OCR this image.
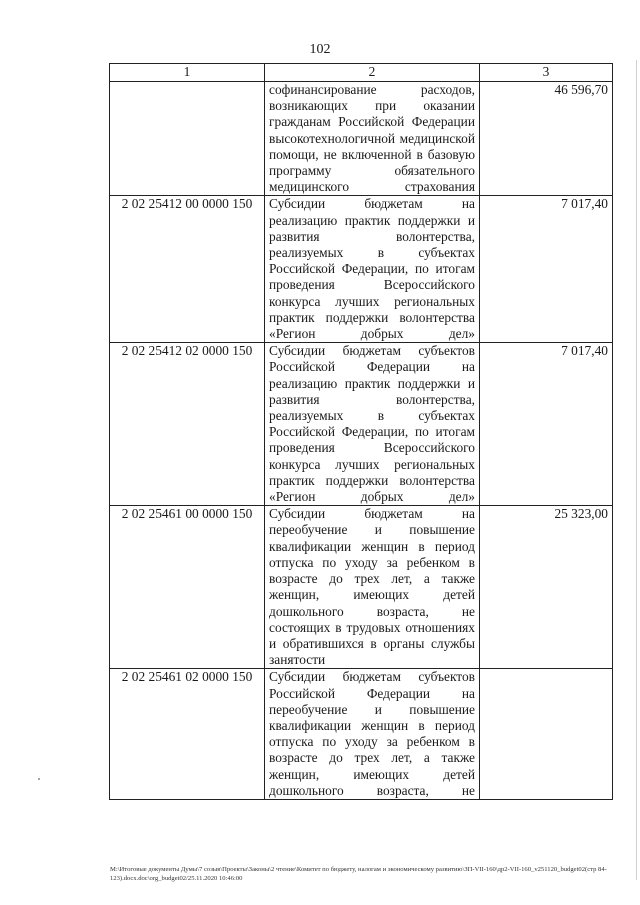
102
1	2	3
	софинансирование расходов, возникающих при оказании гражданам Российской Федерации высокотехнологичной медицинской помощи, не включенной в базовую программу обязательного медицинского страхования	46 596,70
2 02 25412 00 0000 150	Субсидии бюджетам на реализацию практик поддержки и развития волонтерства, реализуемых в субъектах Российской Федерации, по итогам проведения Всероссийского конкурса лучших региональных практик поддержки волонтерства «Регион добрых дел»	7 017,40
2 02 25412 02 0000 150	Субсидии бюджетам субъектов Российской Федерации на реализацию практик поддержки и развития волонтерства, реализуемых в субъектах Российской Федерации, по итогам проведения Всероссийского конкурса лучших региональных практик поддержки волонтерства «Регион добрых дел»	7 017,40
2 02 25461 00 0000 150	Субсидии бюджетам на переобучение и повышение квалификации женщин в период отпуска по уходу за ребенком в возрасте до трех лет, а также женщин, имеющих детей дошкольного возраста, не состоящих в трудовых отношениях и обратившихся в органы службы занятости	25 323,00
2 02 25461 02 0000 150	Субсидии бюджетам субъектов Российской Федерации на переобучение и повышение квалификации женщин в период отпуска по уходу за ребенком в возрасте до трех лет, а также женщин, имеющих детей дошкольного возраста, не	
M:\Итоговые документы Думы\7 созыв\Проекты\Законы\2 чтение\Комитет по бюджету, налогам и экономическому развитию\ЗП-VII-160\др2-VII-160_v251120_budget02(стр 84-123).docx.doc\org_budget02/25.11.2020 10:46:00
